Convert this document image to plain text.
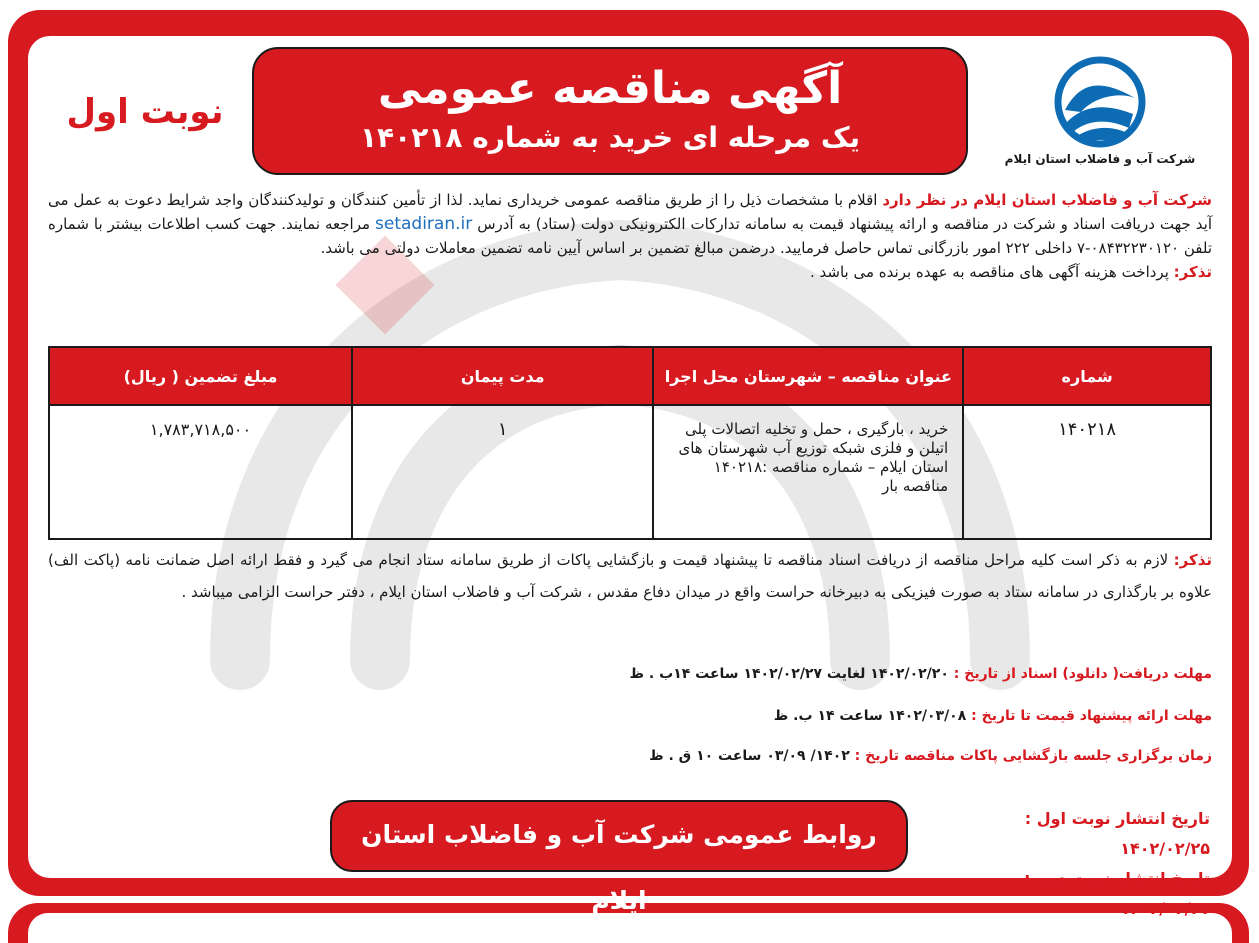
شرکت آب و فاضلاب استان ایلام
آگهی مناقصه عمومی
یک مرحله ای خرید به شماره ۱۴۰۲۱۸
نوبت اول
شرکت آب و فاضلاب استان ایلام در نظر دارد اقلام با مشخصات ذیل را از طریق مناقصه عمومی خریداری نماید. لذا از تأمین کنندگان و تولیدکنندگان واجد شرایط دعوت به عمل می آید جهت دریافت اسناد و شرکت در مناقصه و ارائه پیشنهاد قیمت به سامانه تدارکات الکترونیکی دولت (ستاد) به آدرس setadiran.ir مراجعه نمایند. جهت کسب اطلاعات بیشتر با شماره تلفن ۰۸۴۳۲۲۳۰۱۲۰-۷ داخلی ۲۲۲ امور بازرگانی تماس حاصل فرمایید. درضمن مبالغ تضمین بر اساس آیین نامه تضمین معاملات دولتی می باشد.
تذکر: پرداخت هزینه آگهی های مناقصه به عهده برنده می باشد .
شماره	عنوان مناقصه – شهرستان محل اجرا	مدت پیمان	مبلغ تضمین ( ریال)
۱۴۰۲۱۸	خرید ، بارگیری ، حمل و تخلیه اتصالات پلی اتیلن و فلزی شبکه توزیع آب شهرستان های استان ایلام – شماره مناقصه :۱۴۰۲۱۸ مناقصه بار	۱	۱,۷۸۳,۷۱۸,۵۰۰
تذکر: لازم به ذکر است کلیه مراحل مناقصه از دریافت اسناد مناقصه تا پیشنهاد قیمت و بازگشایی پاکات از طریق سامانه ستاد انجام می گیرد و فقط ارائه اصل ضمانت نامه (پاکت الف) علاوه بر بارگذاری در سامانه ستاد به صورت فیزیکی به دبیرخانه حراست واقع در میدان دفاع مقدس ، شرکت آب و فاضلاب استان ایلام ، دفتر حراست الزامی میباشد .
مهلت دریافت( دانلود) اسناد از تاریخ : ۱۴۰۲/۰۲/۲۰ لغایت ۱۴۰۲/۰۲/۲۷ ساعت ۱۴ب . ظ
مهلت ارائه پیشنهاد قیمت تا تاریخ : ۱۴۰۲/۰۳/۰۸ ساعت ۱۴ ب. ظ
زمان برگزاری جلسه بازگشایی پاکات مناقصه تاریخ : ۱۴۰۲/ ۰۳/۰۹ ساعت ۱۰ ق . ظ
تاریخ انتشار نوبت اول : ۱۴۰۲/۰۲/۲۵
تاریخ انتشار نوبت دوم : ۱۴۰۲/۰۲/۲۷
روابط عمومی شرکت آب و فاضلاب استان ایلام
